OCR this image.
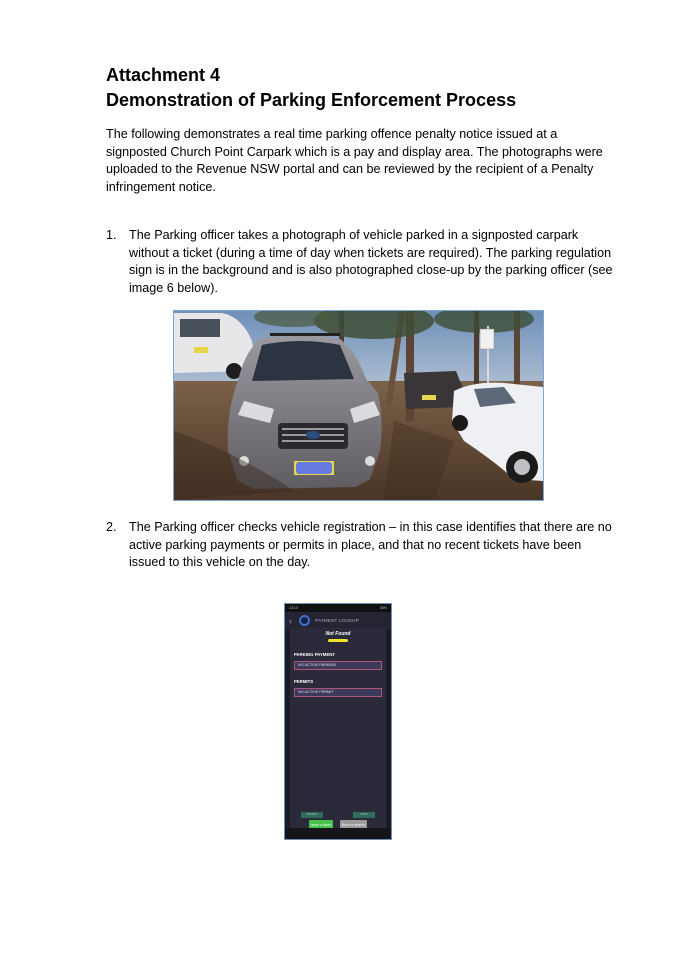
Attachment 4
Demonstration of Parking Enforcement Process

The following demonstrates a real time parking offence penalty notice issued at a

signposted Church Point Carpark which is a pay and display area. The photographs were

uploaded to the Revenue NSW portal and can be reviewed by the recipient of a Penalty

infringement notice.

1. The Parking officer takes a photograph of vehicle parked in a signposted carpark

without a ticket (during a time of day when tickets are required). The parking regulation

sign is in the background and is also photographed close-up by the parking officer (see

image 6 below).

2. The Parking officer checks vehicle registration – in this case identifies that there are no

active parking payments or permits in place, and that no recent tickets have been

issued to this vehicle on the day.

13:13	38%
‹	PAYMENT LOOKUP
Not Found
PARKING PAYMENT
NO ACTIVE PARKING
PERMITS
NO ACTIVE PERMIT
Issue a ticket	Back to search
SEARCH	ISSUE
